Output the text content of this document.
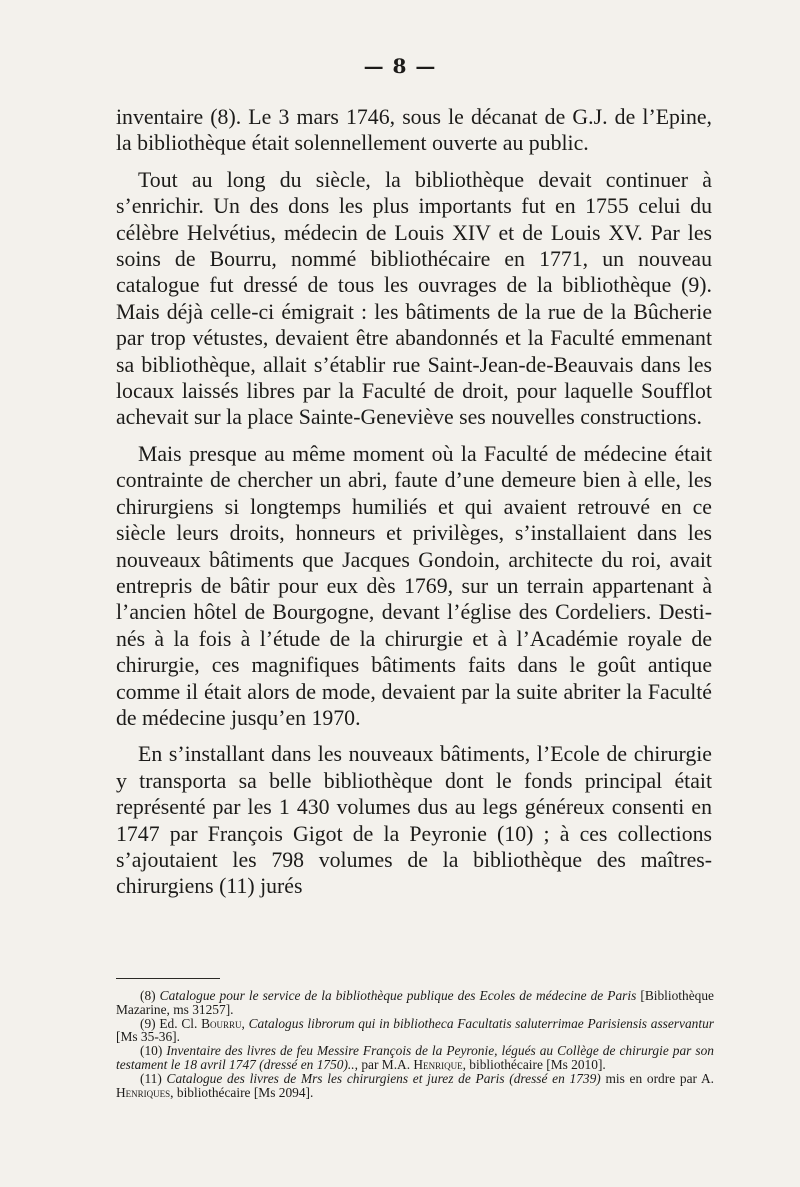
— 8 —

inventaire (8). Le 3 mars 1746, sous le décanat de G.J. de l’Epine, la bibliothèque était solennellement ouverte au public.

Tout au long du siècle, la bibliothèque devait continuer à s’enrichir. Un des dons les plus importants fut en 1755 celui du célèbre Helvétius, médecin de Louis XIV et de Louis XV. Par les soins de Bourru, nommé bibliothécaire en 1771, un nouveau catalogue fut dressé de tous les ouvrages de la bibliothèque (9). Mais déjà celle-ci émigrait : les bâtiments de la rue de la Bûcherie par trop vétustes, devaient être abandonnés et la Faculté emmenant sa bibliothèque, allait s’établir rue Saint-Jean-de-Beauvais dans les locaux laissés libres par la Faculté de droit, pour laquelle Soufflot achevait sur la place Sainte-Geneviève ses nouvelles constructions.

Mais presque au même moment où la Faculté de médecine était contrainte de chercher un abri, faute d’une demeure bien à elle, les chirurgiens si longtemps humiliés et qui avaient retrouvé en ce siècle leurs droits, honneurs et privilèges, s’installaient dans les nouveaux bâtiments que Jacques Gondoin, architecte du roi, avait entrepris de bâtir pour eux dès 1769, sur un terrain appartenant à l’ancien hôtel de Bourgogne, devant l’église des Cordeliers. Destinés à la fois à l’étude de la chirurgie et à l’Académie royale de chirurgie, ces magnifiques bâtiments faits dans le goût antique comme il était alors de mode, devaient par la suite abriter la Faculté de médecine jusqu’en 1970.

En s’installant dans les nouveaux bâtiments, l’Ecole de chirurgie y transporta sa belle bibliothèque dont le fonds principal était représenté par les 1 430 volumes dus au legs généreux consenti en 1747 par François Gigot de la Peyronie (10) ; à ces collections s’ajoutaient les 798 volumes de la bibliothèque des maîtres-chirurgiens (11) jurés

(8) Catalogue pour le service de la bibliothèque publique des Ecoles de médecine de Paris [Bibliothèque Mazarine, ms 31257].

(9) Ed. Cl. Bourru, Catalogus librorum qui in bibliotheca Facultatis saluterrimae Parisiensis asservantur [Ms 35-36].

(10) Inventaire des livres de feu Messire François de la Peyronie, légués au Collège de chirurgie par son testament le 18 avril 1747 (dressé en 1750).., par M.A. Henrique, bibliothécaire [Ms 2010].

(11) Catalogue des livres de Mrs les chirurgiens et jurez de Paris (dressé en 1739) mis en ordre par A. Henriques, bibliothécaire [Ms 2094].
